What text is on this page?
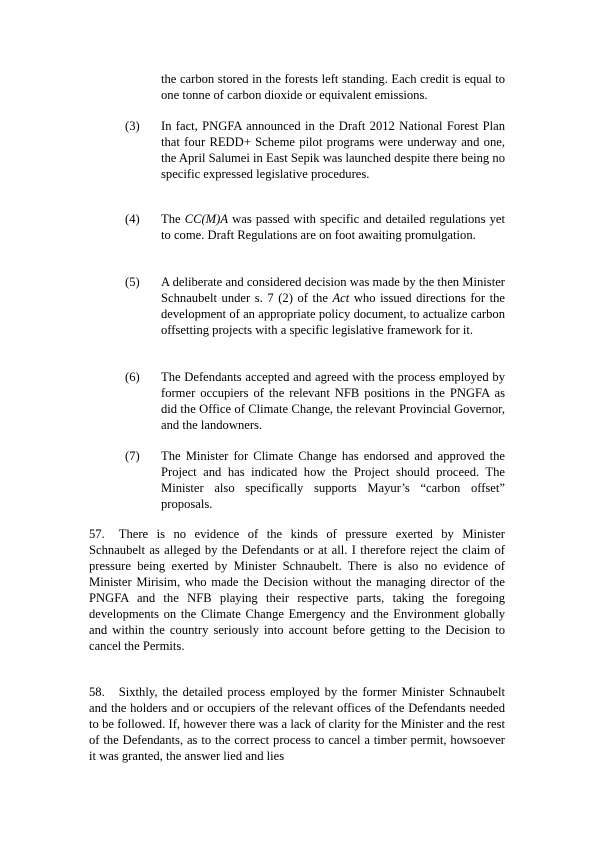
the carbon stored in the forests left standing. Each credit is equal to one tonne of carbon dioxide or equivalent emissions.

(3) In fact, PNGFA announced in the Draft 2012 National Forest Plan that four REDD+ Scheme pilot programs were underway and one, the April Salumei in East Sepik was launched despite there being no specific expressed legislative procedures.

(4) The CC(M)A was passed with specific and detailed regulations yet to come. Draft Regulations are on foot awaiting promulgation.

(5) A deliberate and considered decision was made by the then Minister Schnaubelt under s. 7 (2) of the Act who issued directions for the development of an appropriate policy document, to actualize carbon offsetting projects with a specific legislative framework for it.

(6) The Defendants accepted and agreed with the process employed by former occupiers of the relevant NFB positions in the PNGFA as did the Office of Climate Change, the relevant Provincial Governor, and the landowners.

(7) The Minister for Climate Change has endorsed and approved the Project and has indicated how the Project should proceed. The Minister also specifically supports Mayur’s “carbon offset” proposals.

57. There is no evidence of the kinds of pressure exerted by Minister Schnaubelt as alleged by the Defendants or at all. I therefore reject the claim of pressure being exerted by Minister Schnaubelt. There is also no evidence of Minister Mirisim, who made the Decision without the managing director of the PNGFA and the NFB playing their respective parts, taking the foregoing developments on the Climate Change Emergency and the Environment globally and within the country seriously into account before getting to the Decision to cancel the Permits.

58. Sixthly, the detailed process employed by the former Minister Schnaubelt and the holders and or occupiers of the relevant offices of the Defendants needed to be followed. If, however there was a lack of clarity for the Minister and the rest of the Defendants, as to the correct process to cancel a timber permit, howsoever it was granted, the answer lied and lies
